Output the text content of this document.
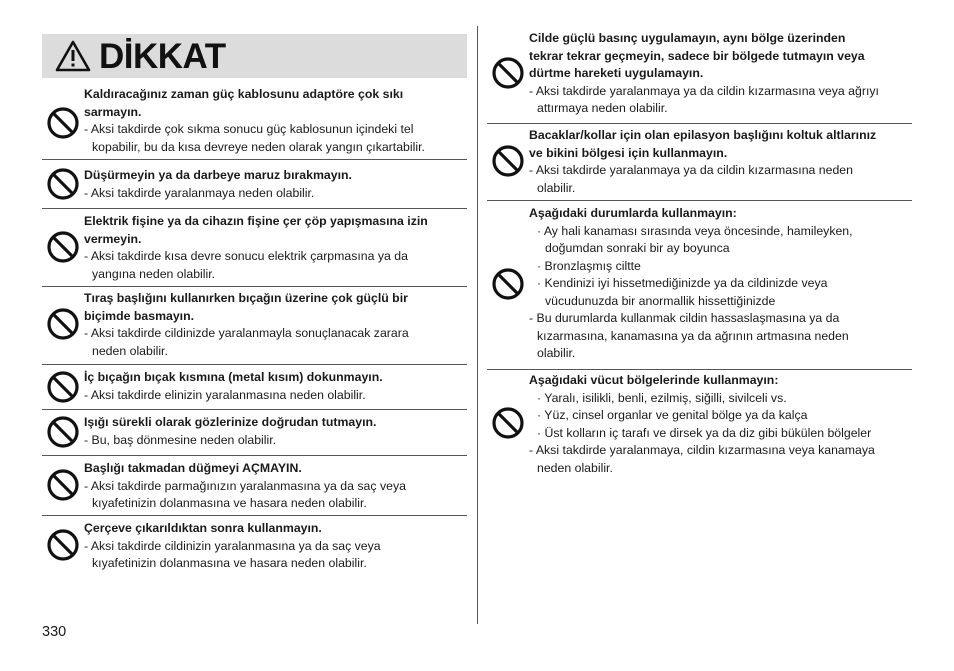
DİKKAT
Kaldıracağınız zaman güç kablosunu adaptöre çok sıkı
sarmayın.
- Aksi takdirde çok sıkma sonucu güç kablosunun içindeki tel
kopabilir, bu da kısa devreye neden olarak yangın çıkartabilir.
Düşürmeyin ya da darbeye maruz bırakmayın.
- Aksi takdirde yaralanmaya neden olabilir.
Elektrik fişine ya da cihazın fişine çer çöp yapışmasına izin
vermeyin.
- Aksi takdirde kısa devre sonucu elektrik çarpmasına ya da
yangına neden olabilir.
Tıraş başlığını kullanırken bıçağın üzerine çok güçlü bir
biçimde basmayın.
- Aksi takdirde cildinizde yaralanmayla sonuçlanacak zarara
neden olabilir.
İç bıçağın bıçak kısmına (metal kısım) dokunmayın.
- Aksi takdirde elinizin yaralanmasına neden olabilir.
Işığı sürekli olarak gözlerinize doğrudan tutmayın.
- Bu, baş dönmesine neden olabilir.
Başlığı takmadan düğmeyi AÇMAYIN.
- Aksi takdirde parmağınızın yaralanmasına ya da saç veya
kıyafetinizin dolanmasına ve hasara neden olabilir.
Çerçeve çıkarıldıktan sonra kullanmayın.
- Aksi takdirde cildinizin yaralanmasına ya da saç veya
kıyafetinizin dolanmasına ve hasara neden olabilir.
Cilde güçlü basınç uygulamayın, aynı bölge üzerinden
tekrar tekrar geçmeyin, sadece bir bölgede tutmayın veya
dürtme hareketi uygulamayın.
- Aksi takdirde yaralanmaya ya da cildin kızarmasına veya ağrıyı
attırmaya neden olabilir.
Bacaklar/kollar için olan epilasyon başlığını koltuk altlarınız
ve bikini bölgesi için kullanmayın.
- Aksi takdirde yaralanmaya ya da cildin kızarmasına neden
olabilir.
Aşağıdaki durumlarda kullanmayın:
· Ay hali kanaması sırasında veya öncesinde, hamileyken,
doğumdan sonraki bir ay boyunca
· Bronzlaşmış ciltte
· Kendinizi iyi hissetmediğinizde ya da cildinizde veya
vücudunuzda bir anormallik hissettiğinizde
- Bu durumlarda kullanmak cildin hassaslaşmasına ya da
kızarmasına, kanamasına ya da ağrının artmasına neden
olabilir.
Aşağıdaki vücut bölgelerinde kullanmayın:
· Yaralı, isilikli, benli, ezilmiş, siğilli, sivilceli vs.
· Yüz, cinsel organlar ve genital bölge ya da kalça
· Üst kolların iç tarafı ve dirsek ya da diz gibi bükülen bölgeler
- Aksi takdirde yaralanmaya, cildin kızarmasına veya kanamaya
neden olabilir.
330
